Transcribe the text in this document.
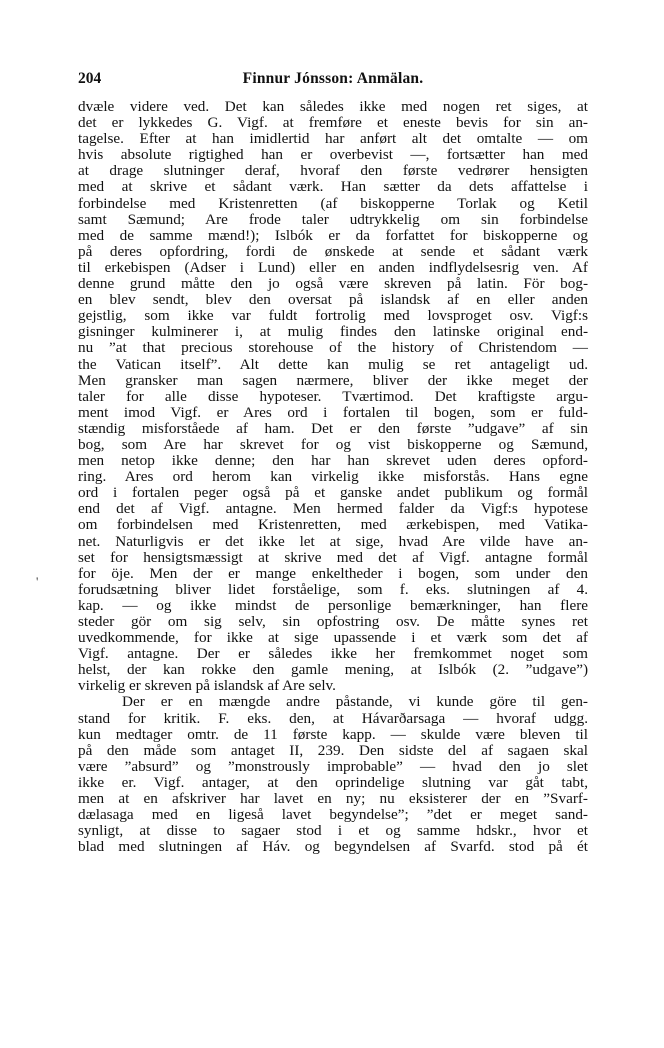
204	Finnur Jónsson: Anmälan.
'
dvæle videre ved. Det kan således ikke med nogen ret siges, at
det er lykkedes G. Vigf. at fremføre et eneste bevis for sin an-
tagelse. Efter at han imidlertid har anført alt det omtalte — om
hvis absolute rigtighed han er overbevist —, fortsætter han med
at drage slutninger deraf, hvoraf den første vedrører hensigten
med at skrive et sådant værk. Han sætter da dets affattelse i
forbindelse med Kristenretten (af biskopperne Torlak og Ketil
samt Sæmund; Are frode taler udtrykkelig om sin forbindelse
med de samme mænd!); Islbók er da forfattet for biskopperne og
på deres opfordring, fordi de ønskede at sende et sådant værk
til erkebispen (Adser i Lund) eller en anden indflydelsesrig ven. Af
denne grund måtte den jo også være skreven på latin. För bog-
en blev sendt, blev den oversat på islandsk af en eller anden
gejstlig, som ikke var fuldt fortrolig med lovsproget osv. Vigf:s
gisninger kulminerer i, at mulig findes den latinske original end-
nu ”at that precious storehouse of the history of Christendom —
the Vatican itself”. Alt dette kan mulig se ret antageligt ud.
Men gransker man sagen nærmere, bliver der ikke meget der
taler for alle disse hypoteser. Tværtimod. Det kraftigste argu-
ment imod Vigf. er Ares ord i fortalen til bogen, som er fuld-
stændig misforståede af ham. Det er den første ”udgave” af sin
bog, som Are har skrevet for og vist biskopperne og Sæmund,
men netop ikke denne; den har han skrevet uden deres opford-
ring. Ares ord herom kan virkelig ikke misforstås. Hans egne
ord i fortalen peger også på et ganske andet publikum og formål
end det af Vigf. antagne. Men hermed falder da Vigf:s hypotese
om forbindelsen med Kristenretten, med ærkebispen, med Vatika-
net. Naturligvis er det ikke let at sige, hvad Are vilde have an-
set for hensigtsmæssigt at skrive med det af Vigf. antagne formål
for öje. Men der er mange enkeltheder i bogen, som under den
forudsætning bliver lidet forståelige, som f. eks. slutningen af 4.
kap. — og ikke mindst de personlige bemærkninger, han flere
steder gör om sig selv, sin opfostring osv. De måtte synes ret
uvedkommende, for ikke at sige upassende i et værk som det af
Vigf. antagne. Der er således ikke her fremkommet noget som
helst, der kan rokke den gamle mening, at Islbók (2. ”udgave”)
virkelig er skreven på islandsk af Are selv.
Der er en mængde andre påstande, vi kunde göre til gen-
stand for kritik. F. eks. den, at Hávarðarsaga — hvoraf udgg.
kun medtager omtr. de 11 første kapp. — skulde være bleven til
på den måde som antaget II, 239. Den sidste del af sagaen skal
være ”absurd” og ”monstrously improbable” — hvad den jo slet
ikke er. Vigf. antager, at den oprindelige slutning var gåt tabt,
men at en afskriver har lavet en ny; nu eksisterer der en ”Svarf-
dælasaga med en ligeså lavet begyndelse”; ”det er meget sand-
synligt, at disse to sagaer stod i et og samme hdskr., hvor et
blad med slutningen af Háv. og begyndelsen af Svarfd. stod på ét
